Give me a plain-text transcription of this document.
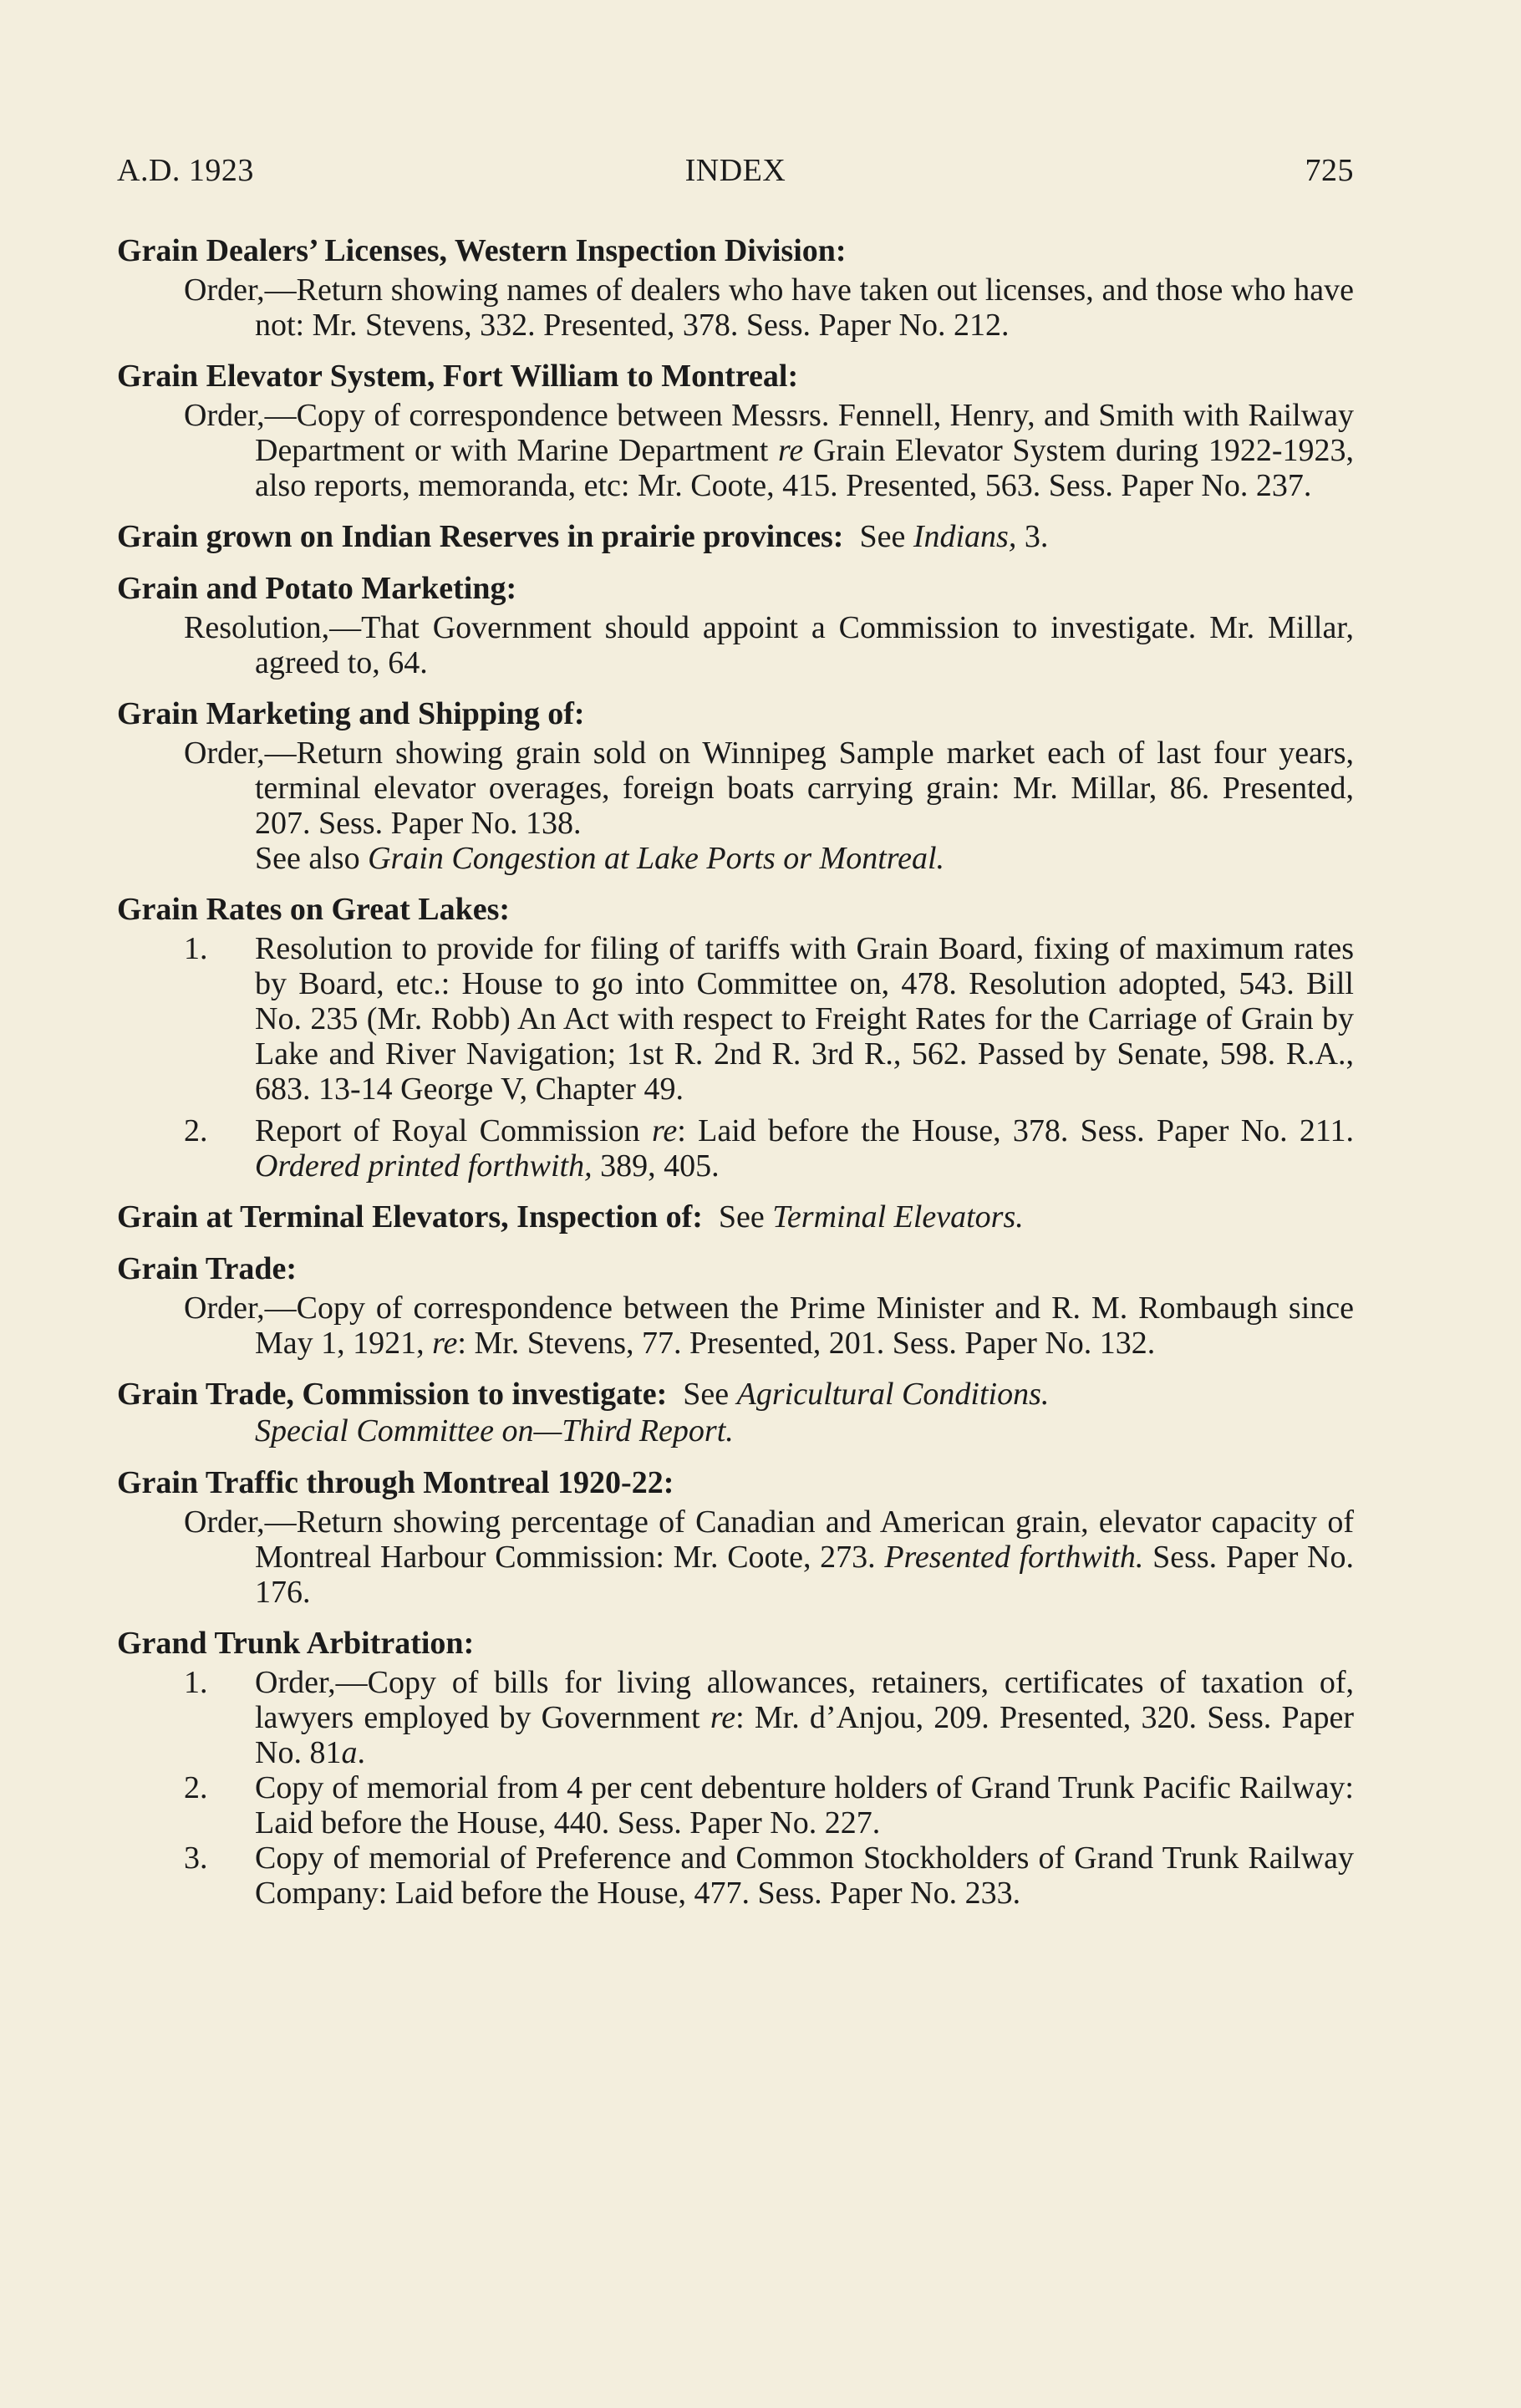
A.D. 1923	INDEX	725
Grain Dealers’ Licenses, Western Inspection Division:
Order,—Return showing names of dealers who have taken out licenses, and those who have not: Mr. Stevens, 332. Presented, 378. Sess. Paper No. 212.
Grain Elevator System, Fort William to Montreal:
Order,—Copy of correspondence between Messrs. Fennell, Henry, and Smith with Railway Department or with Marine Department re Grain Elevator System during 1922-1923, also reports, memoranda, etc: Mr. Coote, 415. Presented, 563. Sess. Paper No. 237.
Grain grown on Indian Reserves in prairie provinces: See Indians, 3.
Grain and Potato Marketing:
Resolution,—That Government should appoint a Commission to investigate. Mr. Millar, agreed to, 64.
Grain Marketing and Shipping of:
Order,—Return showing grain sold on Winnipeg Sample market each of last four years, terminal elevator overages, foreign boats carrying grain: Mr. Millar, 86. Presented, 207. Sess. Paper No. 138.
See also Grain Congestion at Lake Ports or Montreal.
Grain Rates on Great Lakes:
1. Resolution to provide for filing of tariffs with Grain Board, fixing of maximum rates by Board, etc.: House to go into Committee on, 478. Resolution adopted, 543. Bill No. 235 (Mr. Robb) An Act with respect to Freight Rates for the Carriage of Grain by Lake and River Navigation; 1st R. 2nd R. 3rd R., 562. Passed by Senate, 598. R.A., 683. 13-14 George V, Chapter 49.
2. Report of Royal Commission re: Laid before the House, 378. Sess. Paper No. 211. Ordered printed forthwith, 389, 405.
Grain at Terminal Elevators, Inspection of: See Terminal Elevators.
Grain Trade:
Order,—Copy of correspondence between the Prime Minister and R. M. Rombaugh since May 1, 1921, re: Mr. Stevens, 77. Presented, 201. Sess. Paper No. 132.
Grain Trade, Commission to investigate: See Agricultural Conditions.
Special Committee on—Third Report.
Grain Traffic through Montreal 1920-22:
Order,—Return showing percentage of Canadian and American grain, elevator capacity of Montreal Harbour Commission: Mr. Coote, 273. Presented forthwith. Sess. Paper No. 176.
Grand Trunk Arbitration:
1. Order,—Copy of bills for living allowances, retainers, certificates of taxation of, lawyers employed by Government re: Mr. d’Anjou, 209. Presented, 320. Sess. Paper No. 81a.
2. Copy of memorial from 4 per cent debenture holders of Grand Trunk Pacific Railway: Laid before the House, 440. Sess. Paper No. 227.
3. Copy of memorial of Preference and Common Stockholders of Grand Trunk Railway Company: Laid before the House, 477. Sess. Paper No. 233.
